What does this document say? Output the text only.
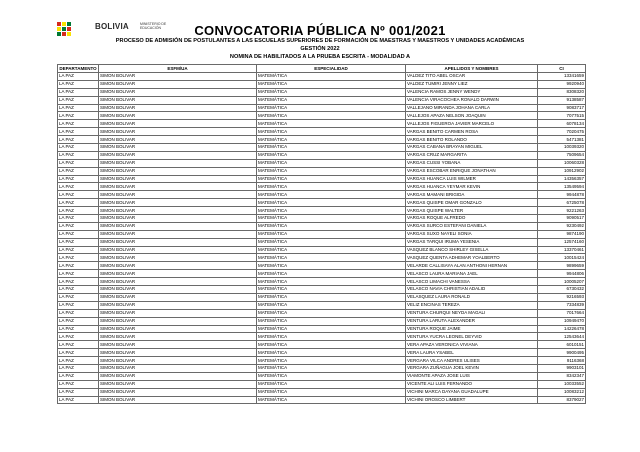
BOLIVIA	MINISTERIO DE EDUCACIÓN	CONVOCATORIA PÚBLICA Nº 001/2021
PROCESO DE ADMISIÓN DE POSTULANTES A LAS ESCUELAS SUPERIORES DE FORMACIÓN DE MAESTRAS Y MAESTROS Y UNIDADES ACADÉMICAS
GESTIÓN 2022
NOMINA DE HABILITADOS A LA PRUEBA ESCRITA - MODALIDAD A
DEPARTAMENTO	ESFM/UA	ESPECIALIDAD	APELLIDOS Y NOMBRES	CI
LA PAZ	SIMON BOLIVAR	MATEMÁTICA	VALDEZ TITO ABEL OSCAR	13341659
LA PAZ	SIMON BOLIVAR	MATEMÁTICA	VALDEZ TUMIRI JENNY LIEZ	9920940
LA PAZ	SIMON BOLIVAR	MATEMÁTICA	VALENCIA RAMOS JENNY WENDY	8308320
LA PAZ	SIMON BOLIVAR	MATEMÁTICA	VALENCIA VIRACOCHEA RONALD DARWIN	9138587
LA PAZ	SIMON BOLIVAR	MATEMÁTICA	VALLEJANO MIRANDA JOHANA CARLA	9083717
LA PAZ	SIMON BOLIVAR	MATEMÁTICA	VALLEJOS APAZA NELSON JOAQUIN	7077515
LA PAZ	SIMON BOLIVAR	MATEMÁTICA	VALLEJOS FIGUEROA JAVIER MARCELO	6078134
LA PAZ	SIMON BOLIVAR	MATEMÁTICA	VARGAS BENITO CARMEN ROSA	7020475
LA PAZ	SIMON BOLIVAR	MATEMÁTICA	VARGAS BENITO ROLANDO	5471381
LA PAZ	SIMON BOLIVAR	MATEMÁTICA	VARGAS CABANA BRAYAN MIGUEL	10039320
LA PAZ	SIMON BOLIVAR	MATEMÁTICA	VARGAS CRUZ MARGARITA	7509654
LA PAZ	SIMON BOLIVAR	MATEMÁTICA	VARGAS CUSSI YOBANA	10060328
LA PAZ	SIMON BOLIVAR	MATEMÁTICA	VARGAS ESCOBAR ENRIQUE JONATHAN	10912902
LA PAZ	SIMON BOLIVAR	MATEMÁTICA	VARGAS HUANCA LUIS WILMER	14356357
LA PAZ	SIMON BOLIVAR	MATEMÁTICA	VARGAS HUANCA YEYMAR KEVIN	13549594
LA PAZ	SIMON BOLIVAR	MATEMÁTICA	VARGAS MAMANI BRIGIDA	9944878
LA PAZ	SIMON BOLIVAR	MATEMÁTICA	VARGAS QUISPE OMAR GONZALO	6725078
LA PAZ	SIMON BOLIVAR	MATEMÁTICA	VARGAS QUISPE WALTER	9221263
LA PAZ	SIMON BOLIVAR	MATEMÁTICA	VARGAS ROQUE ALFREDO	9090517
LA PAZ	SIMON BOLIVAR	MATEMÁTICA	VARGAS SURCO ESTEFANI DANIELA	9230492
LA PAZ	SIMON BOLIVAR	MATEMÁTICA	VARGAS SUXO NAYELI SONIA	9874190
LA PAZ	SIMON BOLIVAR	MATEMÁTICA	VARGAS TARQUI IRUMA YESENIA	12574160
LA PAZ	SIMON BOLIVAR	MATEMÁTICA	VASQUEZ BLANCO SHIRLEY GISELLA	13370461
LA PAZ	SIMON BOLIVAR	MATEMÁTICA	VASQUEZ QUENTA ADHEMAR YOALBERTO	10015424
LA PAZ	SIMON BOLIVAR	MATEMÁTICA	VELARDE CALLISAYA ALAN ANTHONI HERNAN	9899659
LA PAZ	SIMON BOLIVAR	MATEMÁTICA	VELASCO LAURA MARIANA JAEL	9944806
LA PAZ	SIMON BOLIVAR	MATEMÁTICA	VELASCO LIMACHI VANESSA	10005207
LA PAZ	SIMON BOLIVAR	MATEMÁTICA	VELASCO NAVIA CHRISTIAN ADALID	6730432
LA PAZ	SIMON BOLIVAR	MATEMÁTICA	VELASQUEZ LAURA RONALD	9216593
LA PAZ	SIMON BOLIVAR	MATEMÁTICA	VELIZ ENCINAS TEREZA	7334839
LA PAZ	SIMON BOLIVAR	MATEMÁTICA	VENTURA CHURQUI NEYDA MAGALI	7017664
LA PAZ	SIMON BOLIVAR	MATEMÁTICA	VENTURA LARUTA ALEXANDER	10949470
LA PAZ	SIMON BOLIVAR	MATEMÁTICA	VENTURA ROQUE JAIME	14226478
LA PAZ	SIMON BOLIVAR	MATEMÁTICA	VENTURA YUCRA LEONEL DEYVID	12543644
LA PAZ	SIMON BOLIVAR	MATEMÁTICA	VERA APAZA VERONICA VIVIANA	6010151
LA PAZ	SIMON BOLIVAR	MATEMÁTICA	VERA LAURA YSABEL	9900495
LA PAZ	SIMON BOLIVAR	MATEMÁTICA	VERGARA VILCA ANDRES ULISES	9116368
LA PAZ	SIMON BOLIVAR	MATEMÁTICA	VERGARA ZUÑAGUA JOEL KEVIN	9903101
LA PAZ	SIMON BOLIVAR	MATEMÁTICA	VIAMONTE APAZA JOSE LUIS	8342347
LA PAZ	SIMON BOLIVAR	MATEMÁTICA	VICENTE ALI LUIS FERNANDO	10033552
LA PAZ	SIMON BOLIVAR	MATEMÁTICA	VICHINI MARCA DAYANA GUADALUPE	10083212
LA PAZ	SIMON BOLIVAR	MATEMÁTICA	VICHINI OROSCO LIMBERT	8379027
